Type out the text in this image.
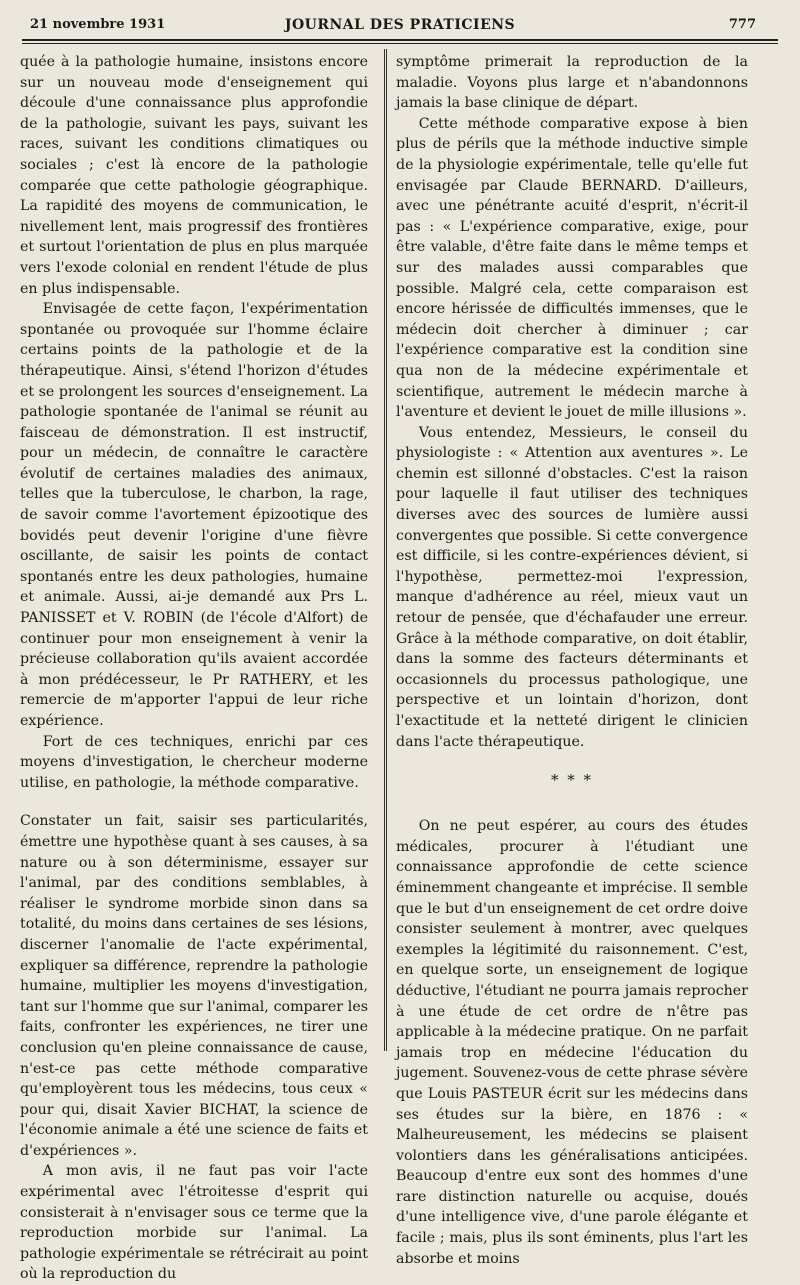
21 novembre 1931	JOURNAL DES PRATICIENS	777

quée à la pathologie humaine, insistons encore sur un nouveau mode d'enseignement qui découle d'une connaissance plus approfondie de la pathologie, suivant les pays, suivant les races, suivant les conditions climatiques ou sociales ; c'est là encore de la pathologie comparée que cette pathologie géographique. La rapidité des moyens de communication, le nivellement lent, mais progressif des frontières et surtout l'orientation de plus en plus marquée vers l'exode colonial en rendent l'étude de plus en plus indispensable.

Envisagée de cette façon, l'expérimentation spontanée ou provoquée sur l'homme éclaire certains points de la pathologie et de la thérapeutique. Ainsi, s'étend l'horizon d'études et se prolongent les sources d'enseignement. La pathologie spontanée de l'animal se réunit au faisceau de démonstration. Il est instructif, pour un médecin, de connaître le caractère évolutif de certaines maladies des animaux, telles que la tuberculose, le charbon, la rage, de savoir comme l'avortement épizootique des bovidés peut devenir l'origine d'une fièvre oscillante, de saisir les points de contact spontanés entre les deux pathologies, humaine et animale. Aussi, ai-je demandé aux Prs L. PANISSET et V. ROBIN (de l'école d'Alfort) de continuer pour mon enseignement à venir la précieuse collaboration qu'ils avaient accordée à mon prédécesseur, le Pr RATHERY, et les remercie de m'apporter l'appui de leur riche expérience.

Fort de ces techniques, enrichi par ces moyens d'investigation, le chercheur moderne utilise, en pathologie, la méthode comparative.

Constater un fait, saisir ses particularités, émettre une hypothèse quant à ses causes, à sa nature ou à son déterminisme, essayer sur l'animal, par des conditions semblables, à réaliser le syndrome morbide sinon dans sa totalité, du moins dans certaines de ses lésions, discerner l'anomalie de l'acte expérimental, expliquer sa différence, reprendre la pathologie humaine, multiplier les moyens d'investigation, tant sur l'homme que sur l'animal, comparer les faits, confronter les expériences, ne tirer une conclusion qu'en pleine connaissance de cause, n'est-ce pas cette méthode comparative qu'employèrent tous les médecins, tous ceux « pour qui, disait Xavier BICHAT, la science de l'économie animale a été une science de faits et d'expériences ».

A mon avis, il ne faut pas voir l'acte expérimental avec l'étroitesse d'esprit qui consisterait à n'envisager sous ce terme que la reproduction morbide sur l'animal. La pathologie expérimentale se rétrécirait au point où la reproduction du

symptôme primerait la reproduction de la maladie. Voyons plus large et n'abandonnons jamais la base clinique de départ.

Cette méthode comparative expose à bien plus de périls que la méthode inductive simple de la physiologie expérimentale, telle qu'elle fut envisagée par Claude BERNARD. D'ailleurs, avec une pénétrante acuité d'esprit, n'écrit-il pas : « L'expérience comparative, exige, pour être valable, d'être faite dans le même temps et sur des malades aussi comparables que possible. Malgré cela, cette comparaison est encore hérissée de difficultés immenses, que le médecin doit chercher à diminuer ; car l'expérience comparative est la condition sine qua non de la médecine expérimentale et scientifique, autrement le médecin marche à l'aventure et devient le jouet de mille illusions ».

Vous entendez, Messieurs, le conseil du physiologiste : « Attention aux aventures ». Le chemin est sillonné d'obstacles. C'est la raison pour laquelle il faut utiliser des techniques diverses avec des sources de lumière aussi convergentes que possible. Si cette convergence est difficile, si les contre-expériences dévient, si l'hypothèse, permettez-moi l'expression, manque d'adhérence au réel, mieux vaut un retour de pensée, que d'échafauder une erreur. Grâce à la méthode comparative, on doit établir, dans la somme des facteurs déterminants et occasionnels du processus pathologique, une perspective et un lointain d'horizon, dont l'exactitude et la netteté dirigent le clinicien dans l'acte thérapeutique.

* * *

On ne peut espérer, au cours des études médicales, procurer à l'étudiant une connaissance approfondie de cette science éminemment changeante et imprécise. Il semble que le but d'un enseignement de cet ordre doive consister seulement à montrer, avec quelques exemples la légitimité du raisonnement. C'est, en quelque sorte, un enseignement de logique déductive, l'étudiant ne pourra jamais reprocher à une étude de cet ordre de n'être pas applicable à la médecine pratique. On ne parfait jamais trop en médecine l'éducation du jugement. Souvenez-vous de cette phrase sévère que Louis PASTEUR écrit sur les médecins dans ses études sur la bière, en 1876 : « Malheureusement, les médecins se plaisent volontiers dans les généralisations anticipées. Beaucoup d'entre eux sont des hommes d'une rare distinction naturelle ou acquise, doués d'une intelligence vive, d'une parole élégante et facile ; mais, plus ils sont éminents, plus l'art les absorbe et moins
